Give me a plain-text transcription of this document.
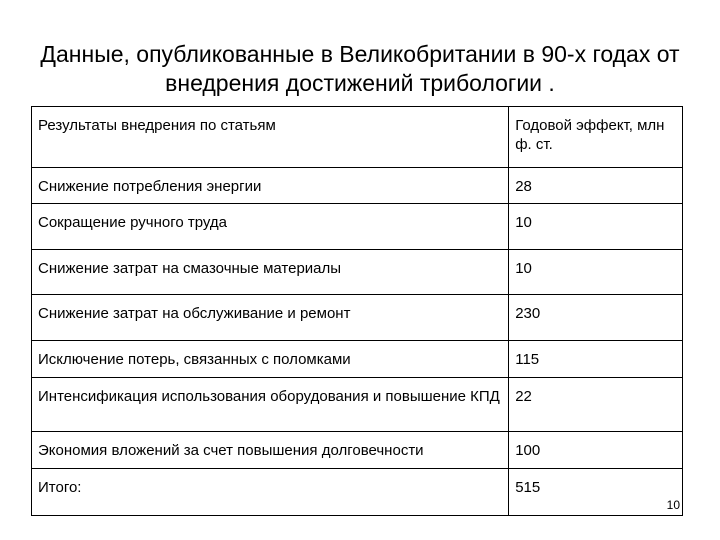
Данные, опубликованные в Великобритании в 90-х годах от внедрения достижений трибологии .
Результаты внедрения по статьям	Годовой эффект, млн ф. ст.
Снижение потребления энергии	28
Сокращение ручного труда	10
Снижение затрат на смазочные материалы	10
Снижение затрат на обслуживание и ремонт	230
Исключение потерь, связанных с поломками	115
Интенсификация использования оборудования и повышение КПД	22
Экономия вложений за счет повышения долговечности	100
Итого:	515
10
